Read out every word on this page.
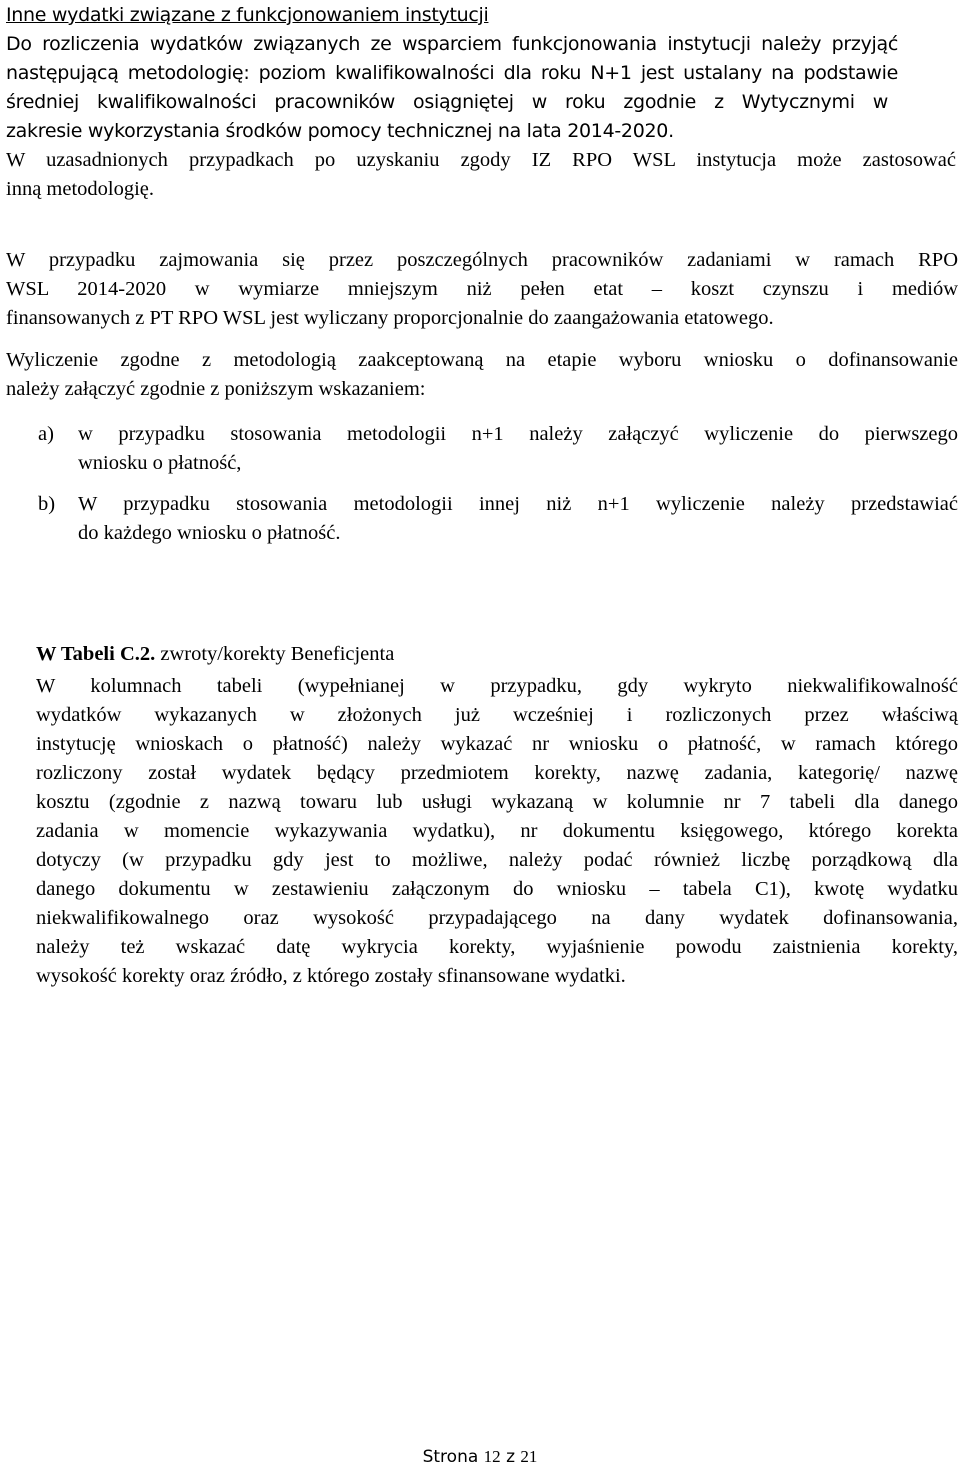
Inne wydatki związane z funkcjonowaniem instytucji
Do rozliczenia wydatków związanych ze wsparciem funkcjonowania instytucji należy przyjąć
następującą metodologię: poziom kwalifikowalności dla roku N+1 jest ustalany na podstawie
średniej kwalifikowalności pracowników osiągniętej w roku zgodnie z Wytycznymi w
zakresie wykorzystania środków pomocy technicznej na lata 2014-2020.
W uzasadnionych przypadkach po uzyskaniu zgody IZ RPO WSL instytucja może zastosować
inną metodologię.
W przypadku zajmowania się przez poszczególnych pracowników zadaniami w ramach RPO
WSL 2014-2020 w wymiarze mniejszym niż pełen etat – koszt czynszu i mediów
finansowanych z PT RPO WSL jest wyliczany proporcjonalnie do zaangażowania etatowego.
Wyliczenie zgodne z metodologią zaakceptowaną na etapie wyboru wniosku o dofinansowanie
należy załączyć zgodnie z poniższym wskazaniem:
a) w przypadku stosowania metodologii n+1 należy załączyć wyliczenie do pierwszego
wniosku o płatność,
b) W przypadku stosowania metodologii innej niż n+1 wyliczenie należy przedstawiać
do każdego wniosku o płatność.
W Tabeli C.2. zwroty/korekty Beneficjenta
W kolumnach tabeli (wypełnianej w przypadku, gdy wykryto niekwalifikowalność
wydatków wykazanych w złożonych już wcześniej i rozliczonych przez właściwą
instytucję wnioskach o płatność) należy wykazać nr wniosku o płatność, w ramach którego
rozliczony został wydatek będący przedmiotem korekty, nazwę zadania, kategorię/ nazwę
kosztu (zgodnie z nazwą towaru lub usługi wykazaną w kolumnie nr 7 tabeli dla danego
zadania w momencie wykazywania wydatku), nr dokumentu księgowego, którego korekta
dotyczy (w przypadku gdy jest to możliwe, należy podać również liczbę porządkową dla
danego dokumentu w zestawieniu załączonym do wniosku – tabela C1), kwotę wydatku
niekwalifikowalnego oraz wysokość przypadającego na dany wydatek dofinansowania,
należy też wskazać datę wykrycia korekty, wyjaśnienie powodu zaistnienia korekty,
wysokość korekty oraz źródło, z którego zostały sfinansowane wydatki.
Strona 12 z 21
